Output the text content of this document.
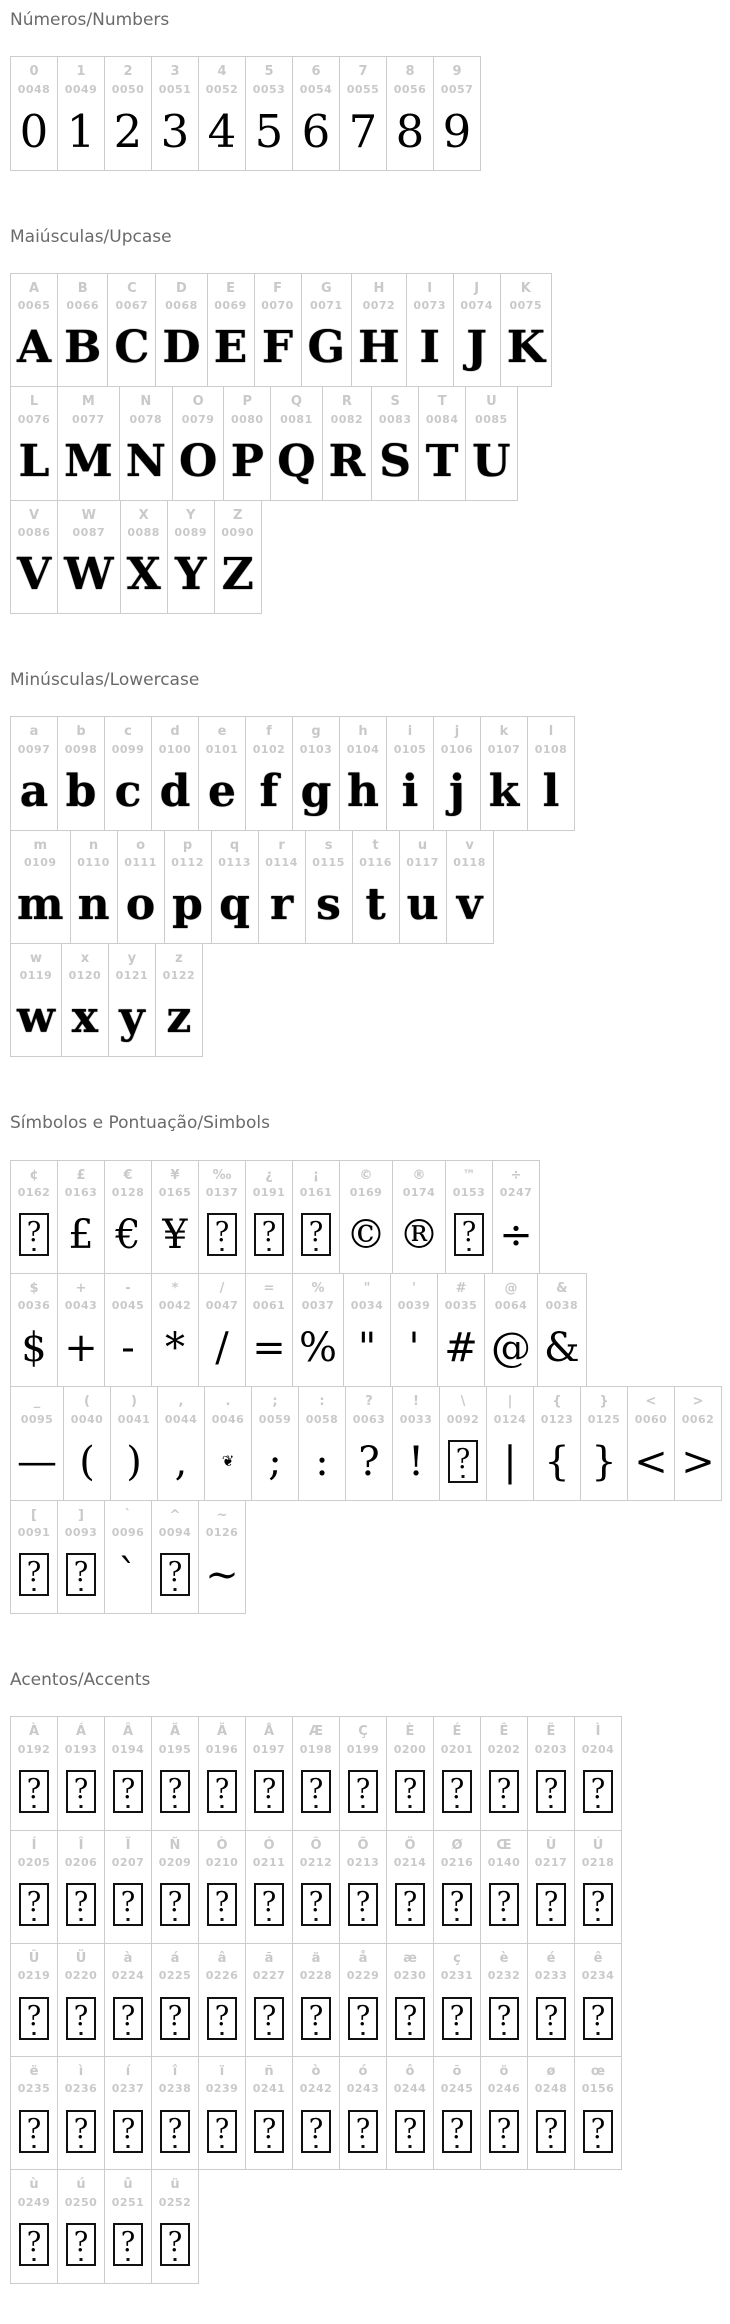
Números/Numbers
0
0048
0
1
0049
1
2
0050
2
3
0051
3
4
0052
4
5
0053
5
6
0054
6
7
0055
7
8
0056
8
9
0057
9
Maiúsculas/Upcase
A
0065
A
B
0066
B
C
0067
C
D
0068
D
E
0069
E
F
0070
F
G
0071
G
H
0072
H
I
0073
I
J
0074
J
K
0075
K
L
0076
L
M
0077
M
N
0078
N
O
0079
O
P
0080
P
Q
0081
Q
R
0082
R
S
0083
S
T
0084
T
U
0085
U
V
0086
V
W
0087
W
X
0088
X
Y
0089
Y
Z
0090
Z
Minúsculas/Lowercase
a
0097
a
b
0098
b
c
0099
c
d
0100
d
e
0101
e
f
0102
f
g
0103
g
h
0104
h
i
0105
i
j
0106
j
k
0107
k
l
0108
l
m
0109
m
n
0110
n
o
0111
o
p
0112
p
q
0113
q
r
0114
r
s
0115
s
t
0116
t
u
0117
u
v
0118
v
w
0119
w
x
0120
x
y
0121
y
z
0122
z
Símbolos e Pontuação/Simbols
¢
0162
?
£
0163
£
€
0128
€
¥
0165
¥
‰
0137
?
¿
0191
?
¡
0161
?
©
0169
©
®
0174
®
™
0153
?
÷
0247
÷
$
0036
$
+
0043
+
-
0045
-
*
0042
*
/
0047
/
=
0061
=
%
0037
%
"
0034
"
'
0039
'
#
0035
#
@
0064
@
&
0038
&
_
0095
—
(
0040
(
)
0041
)
,
0044
,
.
0046
❦
;
0059
;
:
0058
:
?
0063
?
!
0033
!
\
0092
?
|
0124
|
{
0123
{
}
0125
}
<
0060
<
>
0062
>
[
0091
?
]
0093
?
`
0096
`
^
0094
?
~
0126
~
Acentos/Accents
À
0192
?
Á
0193
?
Â
0194
?
Ã
0195
?
Ä
0196
?
Å
0197
?
Æ
0198
?
Ç
0199
?
È
0200
?
É
0201
?
Ê
0202
?
Ë
0203
?
Ì
0204
?
Í
0205
?
Î
0206
?
Ï
0207
?
Ñ
0209
?
Ò
0210
?
Ó
0211
?
Ô
0212
?
Õ
0213
?
Ö
0214
?
Ø
0216
?
Œ
0140
?
Ù
0217
?
Ú
0218
?
Û
0219
?
Ü
0220
?
à
0224
?
á
0225
?
â
0226
?
ã
0227
?
ä
0228
?
å
0229
?
æ
0230
?
ç
0231
?
è
0232
?
é
0233
?
ê
0234
?
ë
0235
?
ì
0236
?
í
0237
?
î
0238
?
ï
0239
?
ñ
0241
?
ò
0242
?
ó
0243
?
ô
0244
?
õ
0245
?
ö
0246
?
ø
0248
?
œ
0156
?
ù
0249
?
ú
0250
?
û
0251
?
ü
0252
?
